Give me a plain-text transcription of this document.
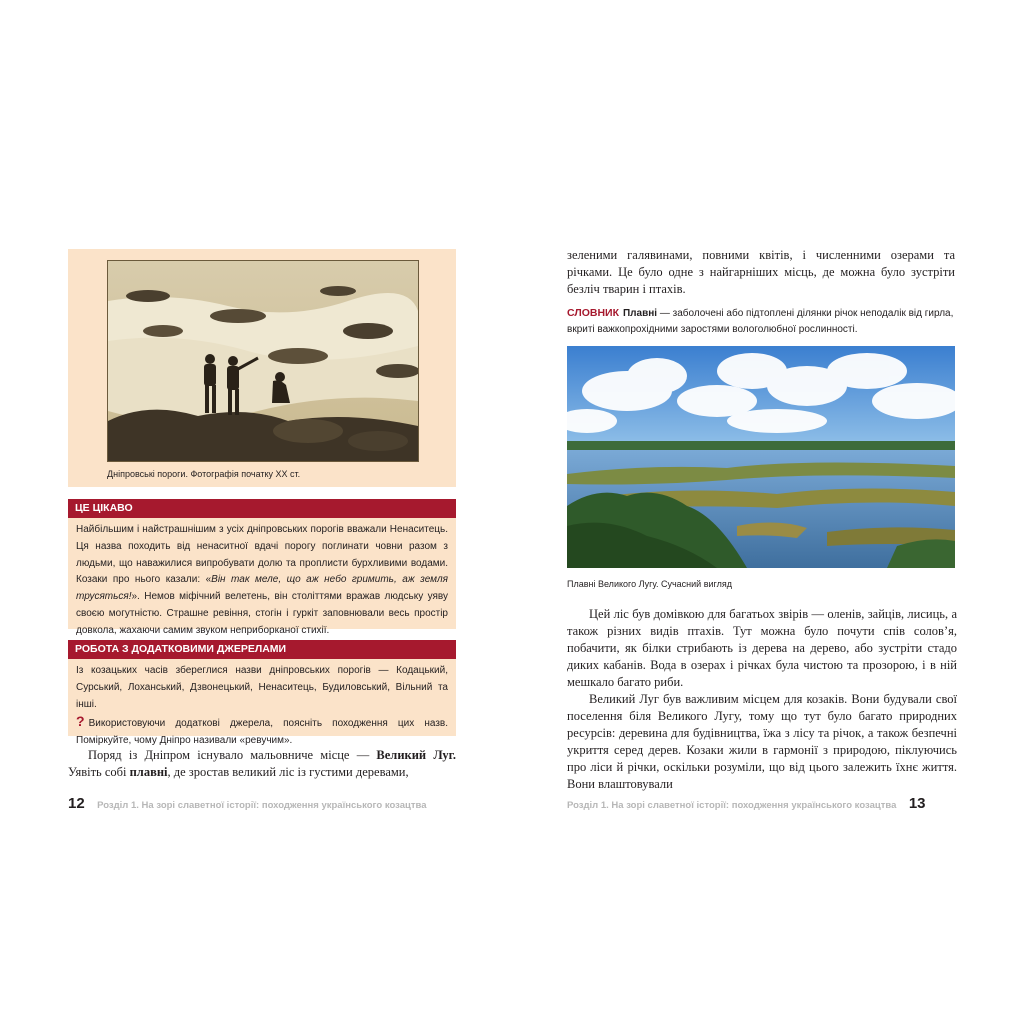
Дніпровські пороги. Фотографія початку XX ст.
ЦЕ ЦІКАВО
Найбільшим і найстрашнішим з усіх дніпровських порогів вважали Ненаситець. Ця назва походить від ненаситної вдачі порогу поглинати човни разом з людьми, що наважилися випробувати долю та проплисти бурхливими водами. Козаки про нього казали: «Він так меле, що аж небо гримить, аж земля трусяться!». Немов міфічний велетень, він століттями вражав людську уяву своєю могутністю. Страшне ревіння, стогін і гуркіт заповнювали весь простір довкола, жахаючи самим звуком неприборканої стихії.
РОБОТА З ДОДАТКОВИМИ ДЖЕРЕЛАМИ
Із козацьких часів збереглися назви дніпровських порогів — Кодацький, Сурський, Лоханський, Дзвонецький, Ненаситець, Будиловський, Вільний та інші.
? Використовуючи додаткові джерела, поясніть походження цих назв. Поміркуйте, чому Дніпро називали «ревучим».

Поряд із Дніпром існувало мальовниче місце — Великий Луг. Уявіть собі плавні, де зростав великий ліс із густими деревами,

12 Розділ 1. На зорі славетної історії: походження українського козацтва

зеленими галявинами, повними квітів, і численними озерами та річками. Це було одне з найгарніших місць, де можна було зустріти безліч тварин і птахів.

СЛОВНИК Плавні — заболочені або підтоплені ділянки річок неподалік від гирла, вкриті важкопрохідними заростями вологолюбної рослинності.
Плавні Великого Лугу. Сучасний вигляд

Цей ліс був домівкою для багатьох звірів — оленів, зайців, лисиць, а також різних видів птахів. Тут можна було почути спів солов’я, побачити, як білки стрибають із дерева на дерево, або зустріти стадо диких кабанів. Вода в озерах і річках була чистою та прозорою, і в ній мешкало багато риби.

Великий Луг був важливим місцем для козаків. Вони будували свої поселення біля Великого Лугу, тому що тут було багато природних ресурсів: деревина для будівництва, їжа з лісу та річок, а також безпечні укриття серед дерев. Козаки жили в гармонії з природою, піклуючись про ліси й річки, оскільки розуміли, що від цього залежить їхнє життя. Вони влаштовували

Розділ 1. На зорі славетної історії: походження українського козацтва 13
